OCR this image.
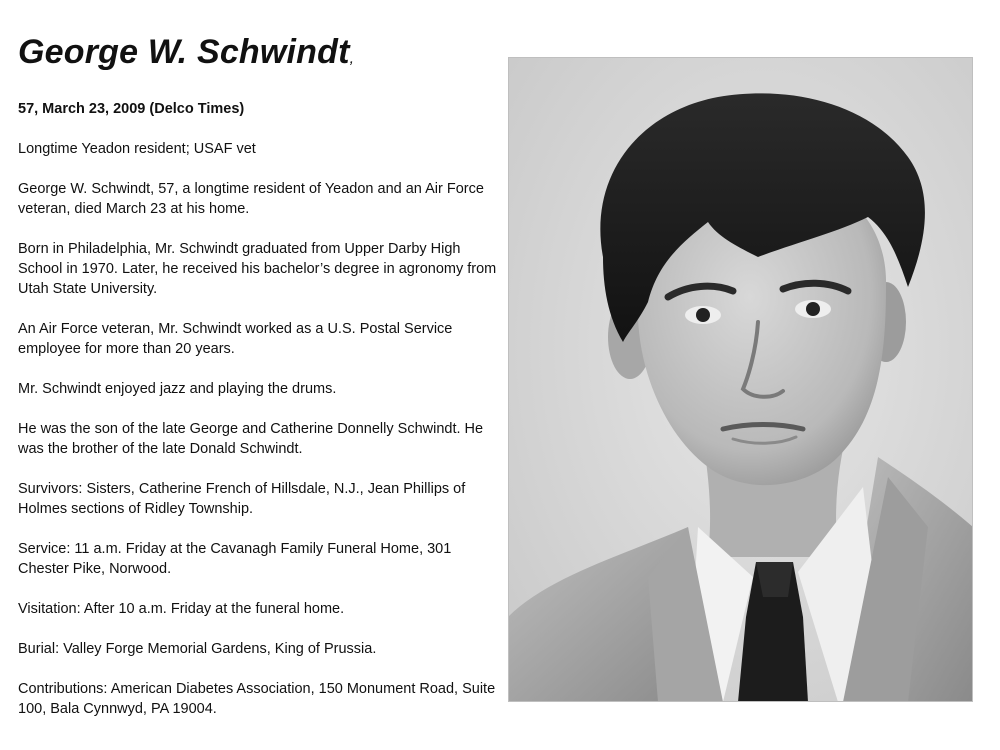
George W. Schwindt,

57, March 23, 2009 (Delco Times)

Longtime Yeadon resident; USAF vet

George W. Schwindt, 57, a longtime resident of Yeadon and an Air Force veteran, died March 23 at his home.

Born in Philadelphia, Mr. Schwindt graduated from Upper Darby High School in 1970. Later, he received his bachelor’s degree in agronomy from Utah State University.

An Air Force veteran, Mr. Schwindt worked as a U.S. Postal Service employee for more than 20 years.

Mr. Schwindt enjoyed jazz and playing the drums.

He was the son of the late George and Catherine Donnelly Schwindt. He was the brother of the late Donald Schwindt.

Survivors: Sisters, Catherine French of Hillsdale, N.J., Jean Phillips of Holmes sections of Ridley Township.

Service: 11 a.m. Friday at the Cavanagh Family Funeral Home, 301 Chester Pike, Norwood.

Visitation: After 10 a.m. Friday at the funeral home.

Burial: Valley Forge Memorial Gardens, King of Prussia.

Contributions: American Diabetes Association, 150 Monument Road, Suite 100, Bala Cynnwyd, PA 19004.
